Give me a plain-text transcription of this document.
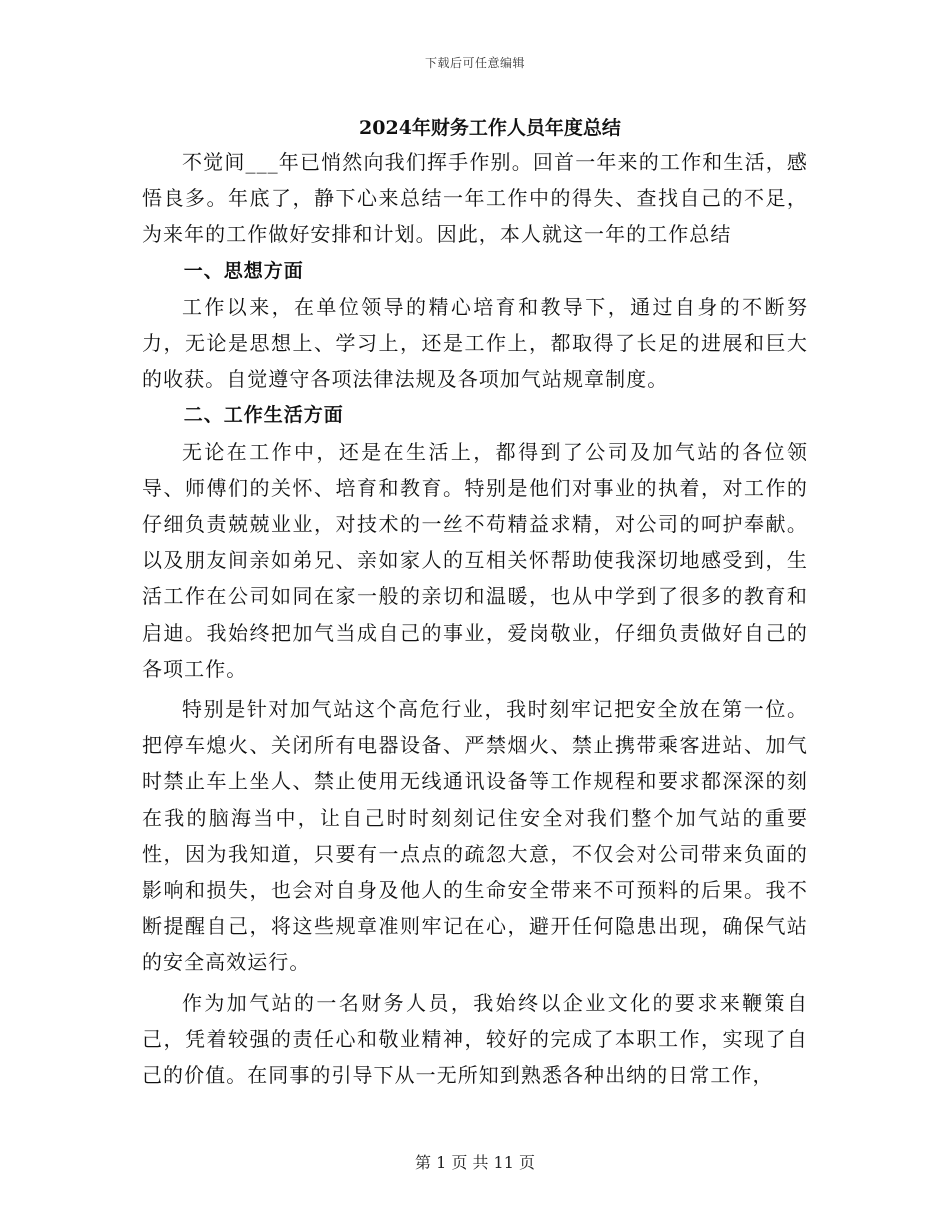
下载后可任意编辑
2024年财务工作人员年度总结

不觉间___年已悄然向我们挥手作别。回首一年来的工作和生活，感悟良多。年底了，静下心来总结一年工作中的得失、查找自己的不足，为来年的工作做好安排和计划。因此，本人就这一年的工作总结

一、思想方面

工作以来，在单位领导的精心培育和教导下，通过自身的不断努力，无论是思想上、学习上，还是工作上，都取得了长足的进展和巨大的收获。自觉遵守各项法律法规及各项加气站规章制度。

二、工作生活方面

无论在工作中，还是在生活上，都得到了公司及加气站的各位领导、师傅们的关怀、培育和教育。特别是他们对事业的执着，对工作的仔细负责兢兢业业，对技术的一丝不苟精益求精，对公司的呵护奉献。以及朋友间亲如弟兄、亲如家人的互相关怀帮助使我深切地感受到，生活工作在公司如同在家一般的亲切和温暖，也从中学到了很多的教育和启迪。我始终把加气当成自己的事业，爱岗敬业，仔细负责做好自己的各项工作。

特别是针对加气站这个高危行业，我时刻牢记把安全放在第一位。把停车熄火、关闭所有电器设备、严禁烟火、禁止携带乘客进站、加气时禁止车上坐人、禁止使用无线通讯设备等工作规程和要求都深深的刻在我的脑海当中，让自己时时刻刻记住安全对我们整个加气站的重要性，因为我知道，只要有一点点的疏忽大意，不仅会对公司带来负面的影响和损失，也会对自身及他人的生命安全带来不可预料的后果。我不断提醒自己，将这些规章准则牢记在心，避开任何隐患出现，确保气站的安全高效运行。

作为加气站的一名财务人员，我始终以企业文化的要求来鞭策自己，凭着较强的责任心和敬业精神，较好的完成了本职工作，实现了自己的价值。在同事的引导下从一无所知到熟悉各种出纳的日常工作，

第 1 页 共 11 页
